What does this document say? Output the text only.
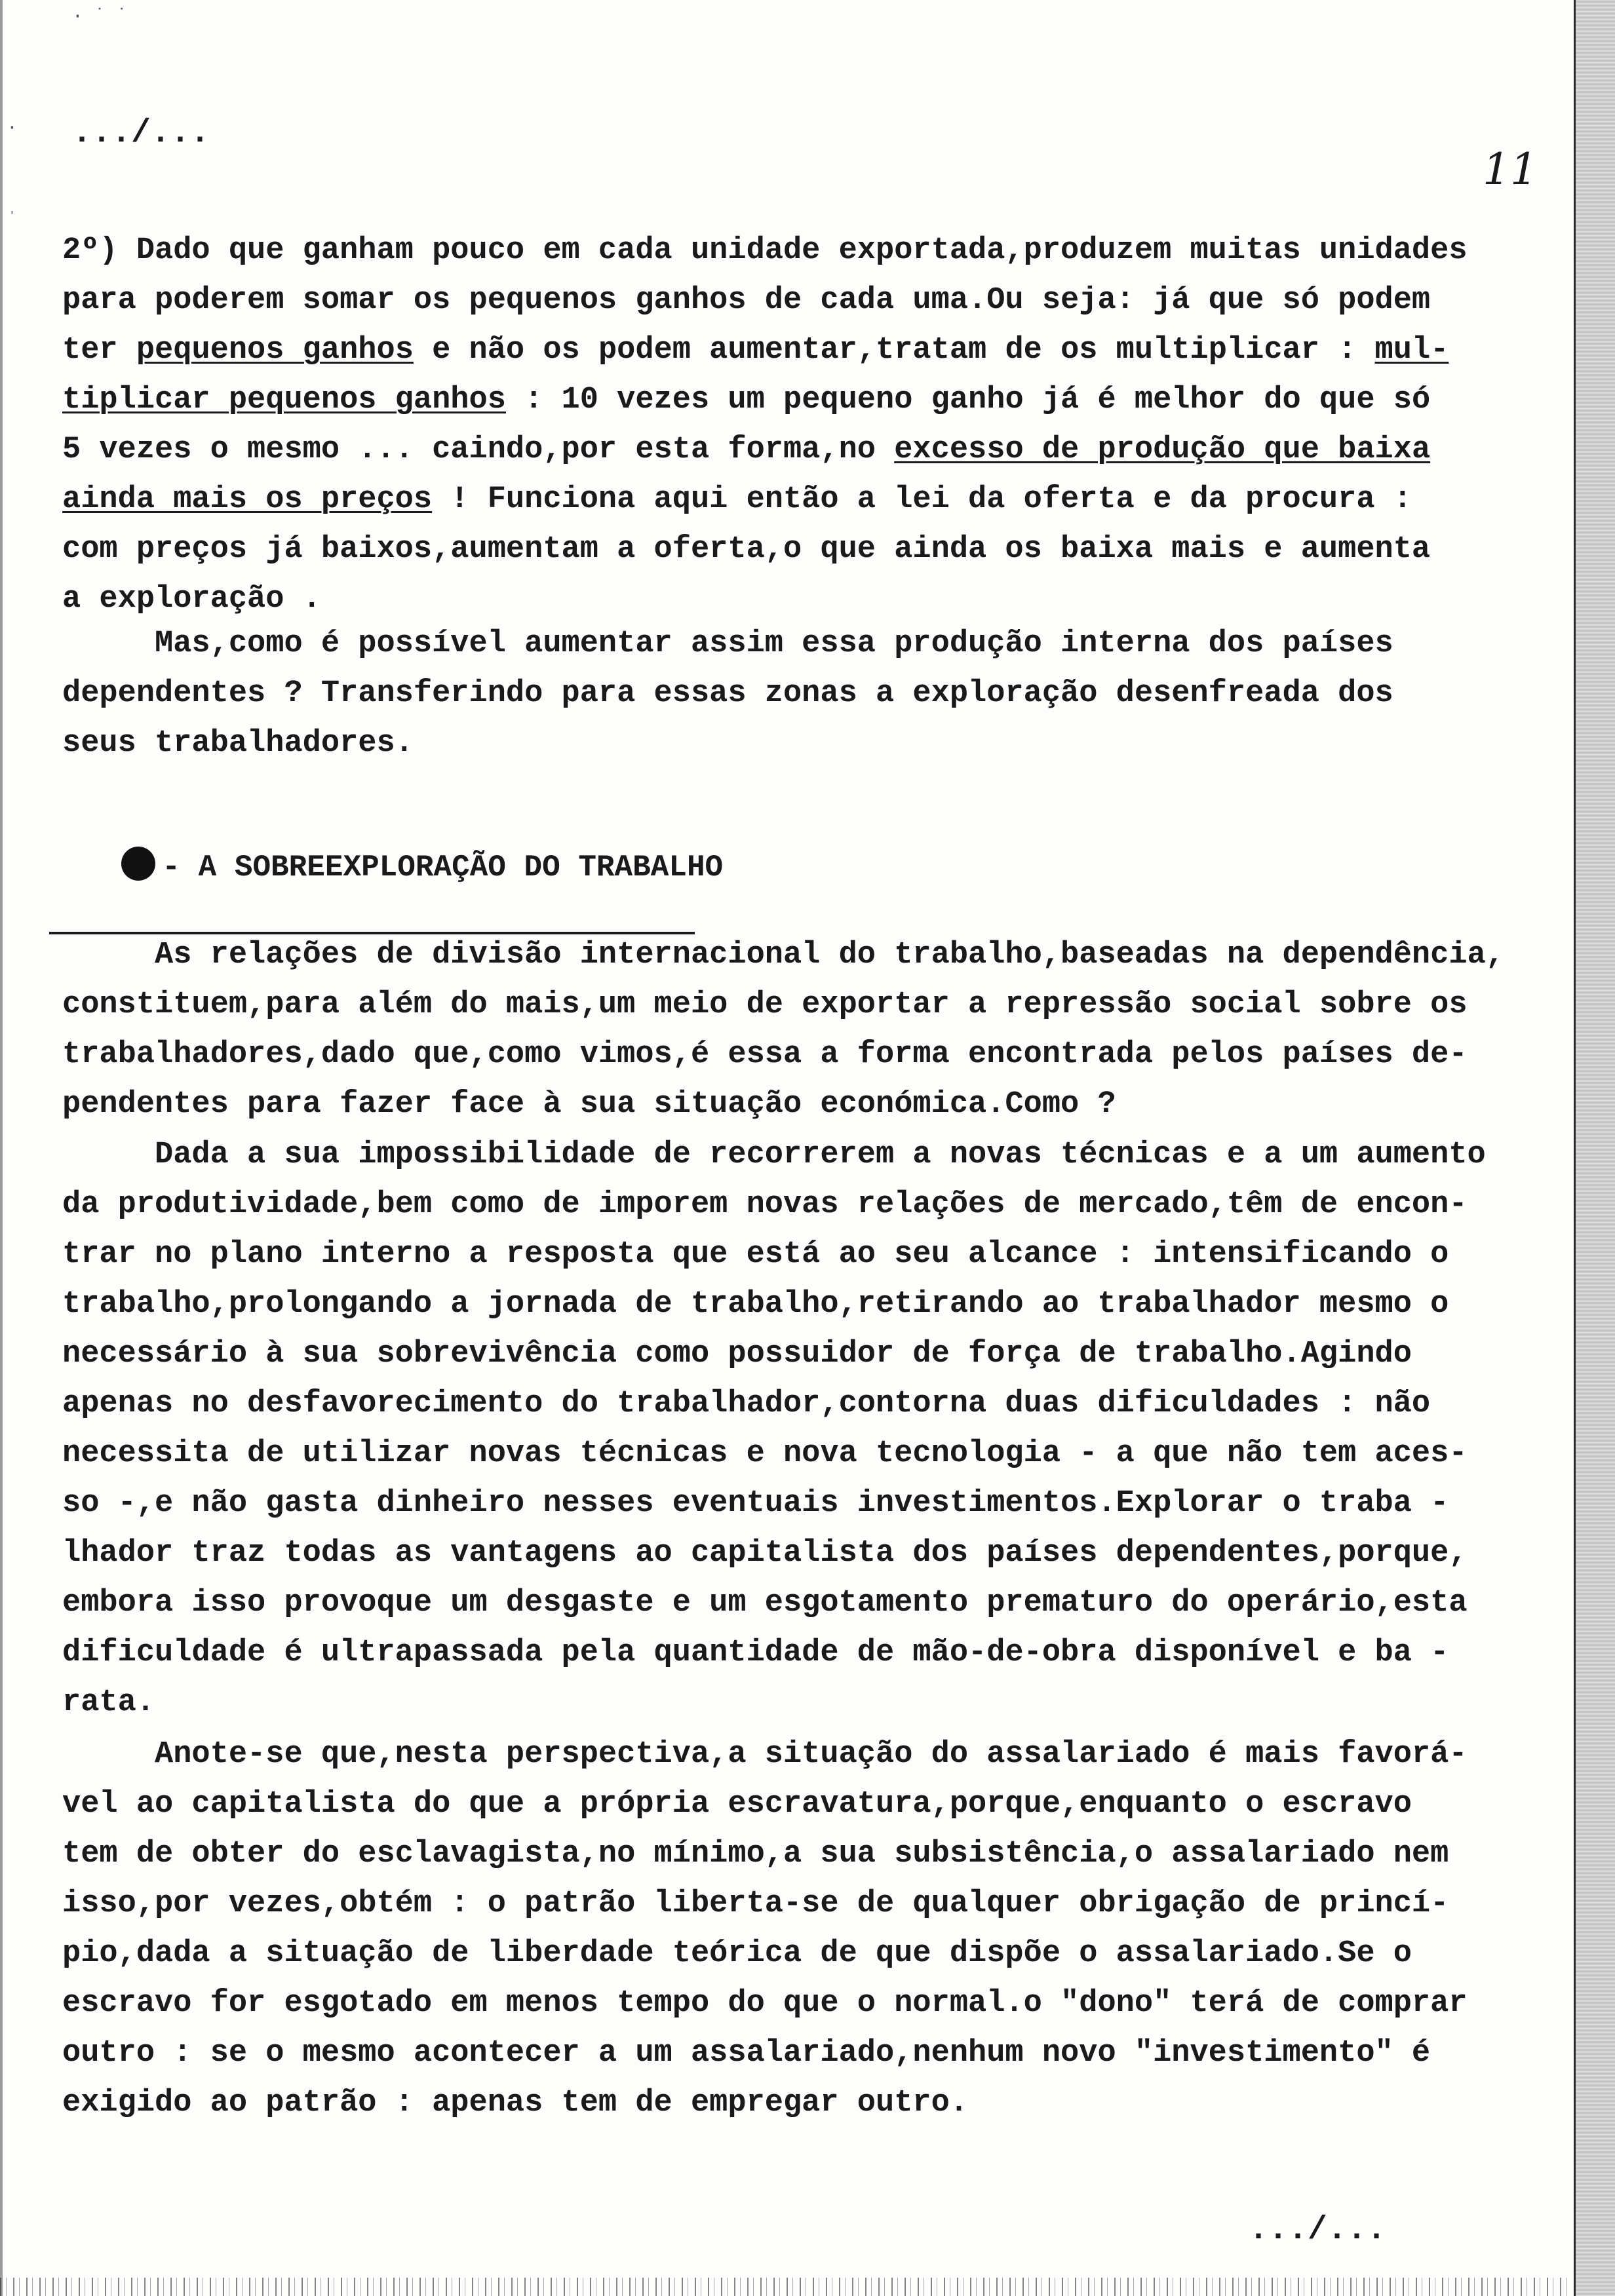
· ˙ ˙
·
ˈ
.../...
11
2º) Dado que ganham pouco em cada unidade exportada,produzem muitas unidades
para poderem somar os pequenos ganhos de cada uma.Ou seja: já que só podem
ter pequenos ganhos e não os podem aumentar,tratam de os multiplicar : mul-
tiplicar pequenos ganhos : 10 vezes um pequeno ganho já é melhor do que só
5 vezes o mesmo ... caindo,por esta forma,no excesso de produção que baixa
ainda mais os preços ! Funciona aqui então a lei da oferta e da procura :
com preços já baixos,aumentam a oferta,o que ainda os baixa mais e aumenta
a exploração .
Mas,como é possível aumentar assim essa produção interna dos países
dependentes ? Transferindo para essas zonas a exploração desenfreada dos
seus trabalhadores.

- A SOBREEXPLORAÇÃO DO TRABALHO

As relações de divisão internacional do trabalho,baseadas na dependência,
constituem,para além do mais,um meio de exportar a repressão social sobre os
trabalhadores,dado que,como vimos,é essa a forma encontrada pelos países de-
pendentes para fazer face à sua situação económica.Como ?
Dada a sua impossibilidade de recorrerem a novas técnicas e a um aumento
da produtividade,bem como de imporem novas relações de mercado,têm de encon-
trar no plano interno a resposta que está ao seu alcance : intensificando o
trabalho,prolongando a jornada de trabalho,retirando ao trabalhador mesmo o
necessário à sua sobrevivência como possuidor de força de trabalho.Agindo
apenas no desfavorecimento do trabalhador,contorna duas dificuldades : não
necessita de utilizar novas técnicas e nova tecnologia - a que não tem aces-
so -,e não gasta dinheiro nesses eventuais investimentos.Explorar o traba -
lhador traz todas as vantagens ao capitalista dos países dependentes,porque,
embora isso provoque um desgaste e um esgotamento prematuro do operário,esta
dificuldade é ultrapassada pela quantidade de mão-de-obra disponível e ba -
rata.
Anote-se que,nesta perspectiva,a situação do assalariado é mais favorá-
vel ao capitalista do que a própria escravatura,porque,enquanto o escravo
tem de obter do esclavagista,no mínimo,a sua subsistência,o assalariado nem
isso,por vezes,obtém : o patrão liberta-se de qualquer obrigação de princí-
pio,dada a situação de liberdade teórica de que dispõe o assalariado.Se o
escravo for esgotado em menos tempo do que o normal.o "dono" terá de comprar
outro : se o mesmo acontecer a um assalariado,nenhum novo "investimento" é
exigido ao patrão : apenas tem de empregar outro.
.../...
